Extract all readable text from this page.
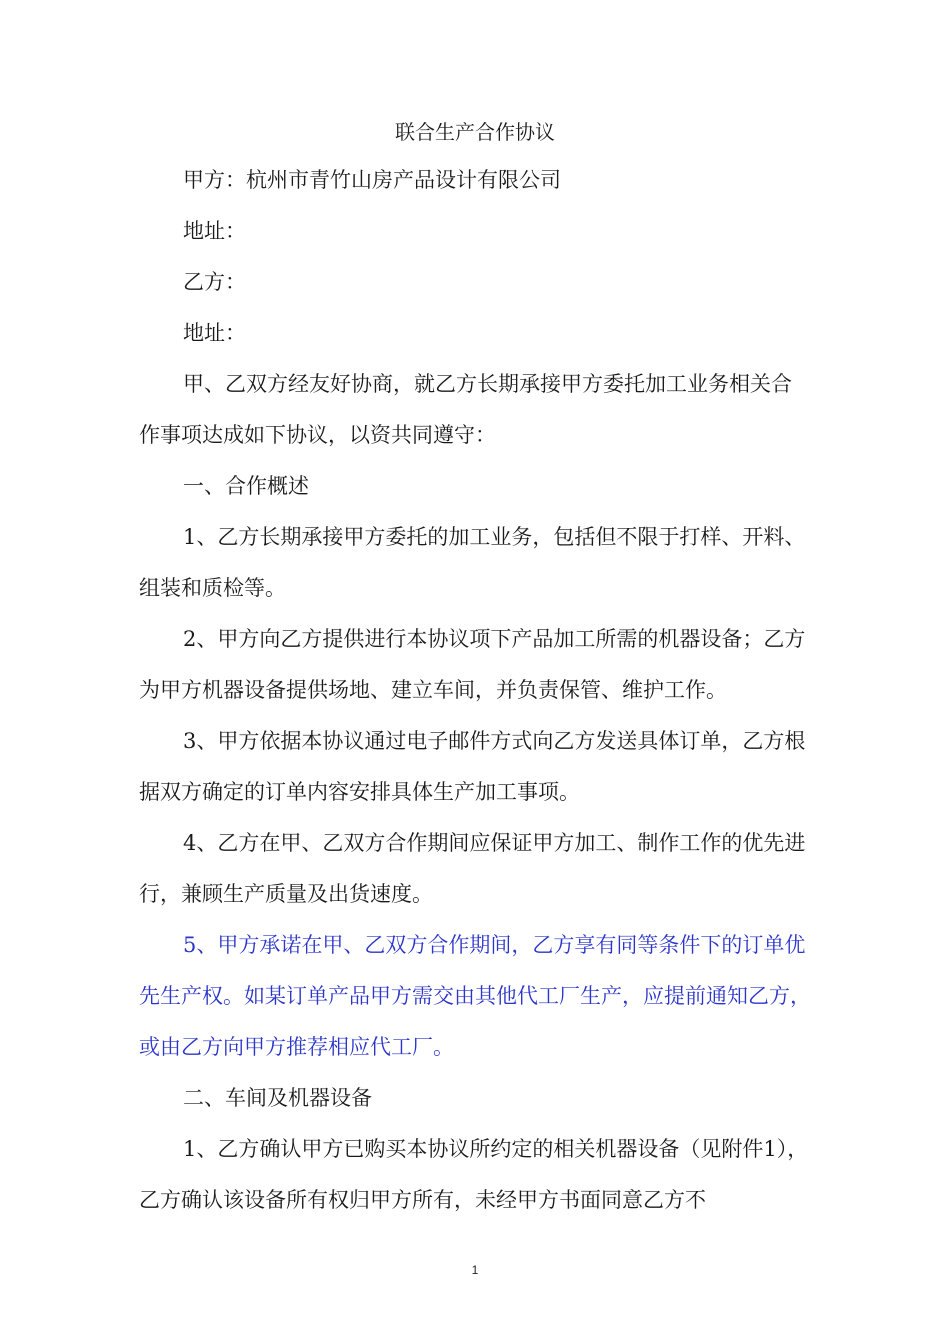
联合生产合作协议

甲方：杭州市青竹山房产品设计有限公司

地址：

乙方：

地址：

甲、乙双方经友好协商，就乙方长期承接甲方委托加工业务相关合作事项达成如下协议，以资共同遵守：

一、合作概述

1、乙方长期承接甲方委托的加工业务，包括但不限于打样、开料、组装和质检等。

2、甲方向乙方提供进行本协议项下产品加工所需的机器设备；乙方为甲方机器设备提供场地、建立车间，并负责保管、维护工作。

3、甲方依据本协议通过电子邮件方式向乙方发送具体订单，乙方根据双方确定的订单内容安排具体生产加工事项。

4、乙方在甲、乙双方合作期间应保证甲方加工、制作工作的优先进行，兼顾生产质量及出货速度。

5、甲方承诺在甲、乙双方合作期间，乙方享有同等条件下的订单优先生产权。如某订单产品甲方需交由其他代工厂生产，应提前通知乙方，或由乙方向甲方推荐相应代工厂。

二、车间及机器设备

1、乙方确认甲方已购买本协议所约定的相关机器设备（见附件1），乙方确认该设备所有权归甲方所有，未经甲方书面同意乙方不

1
